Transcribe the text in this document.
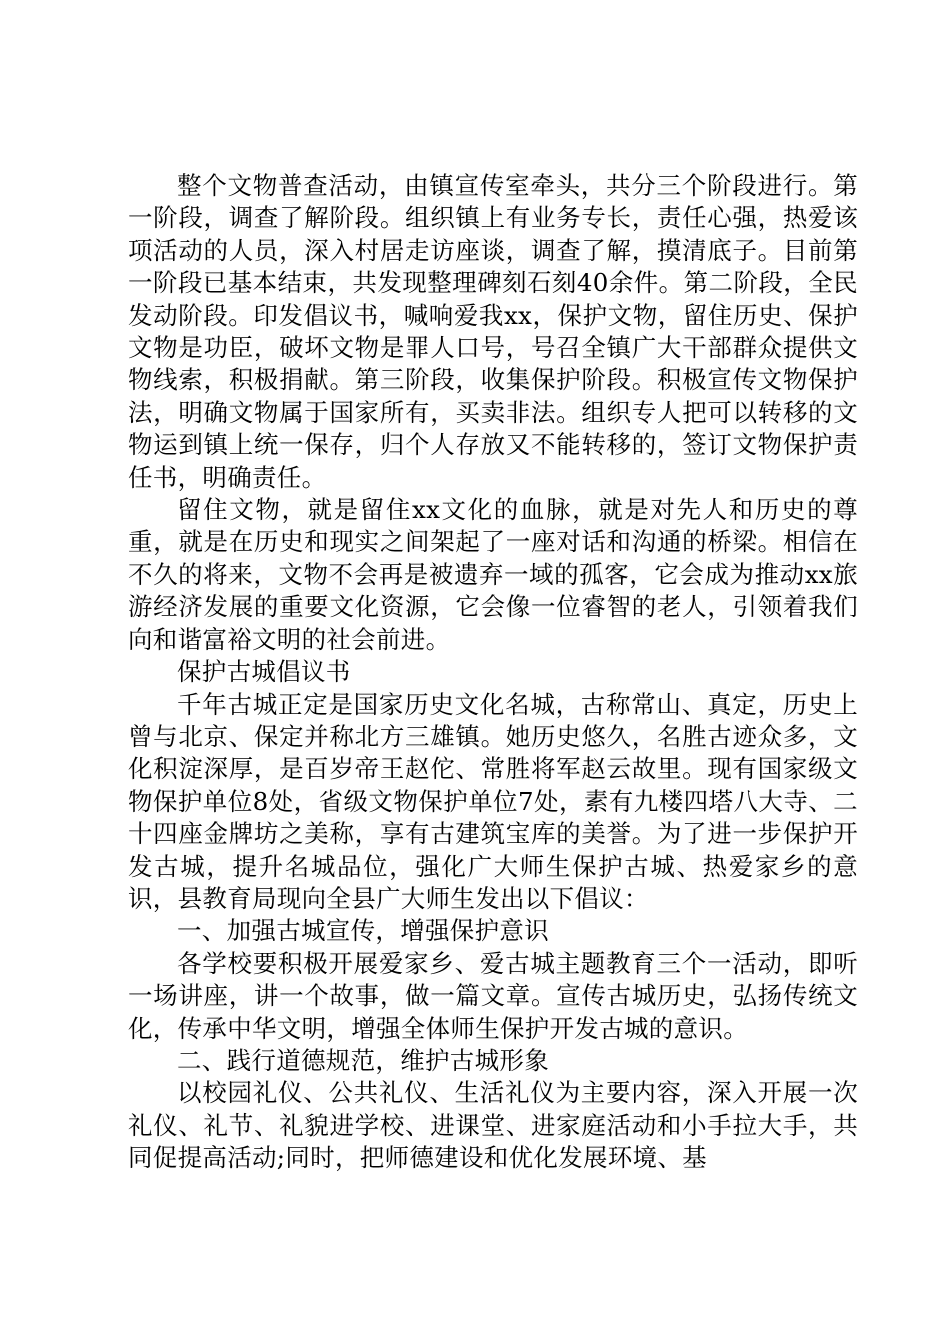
整个文物普查活动，由镇宣传室牵头，共分三个阶段进行。第一阶段，调查了解阶段。组织镇上有业务专长，责任心强，热爱该项活动的人员，深入村居走访座谈，调查了解，摸清底子。目前第一阶段已基本结束，共发现整理碑刻石刻40余件。第二阶段，全民发动阶段。印发倡议书，喊响爱我xx，保护文物，留住历史、保护文物是功臣，破坏文物是罪人口号，号召全镇广大干部群众提供文物线索，积极捐献。第三阶段，收集保护阶段。积极宣传文物保护法，明确文物属于国家所有，买卖非法。组织专人把可以转移的文物运到镇上统一保存，归个人存放又不能转移的，签订文物保护责任书，明确责任。

留住文物，就是留住xx文化的血脉，就是对先人和历史的尊重，就是在历史和现实之间架起了一座对话和沟通的桥梁。相信在不久的将来，文物不会再是被遗弃一域的孤客，它会成为推动xx旅游经济发展的重要文化资源，它会像一位睿智的老人，引领着我们向和谐富裕文明的社会前进。

保护古城倡议书

千年古城正定是国家历史文化名城，古称常山、真定，历史上曾与北京、保定并称北方三雄镇。她历史悠久，名胜古迹众多，文化积淀深厚，是百岁帝王赵佗、常胜将军赵云故里。现有国家级文物保护单位8处，省级文物保护单位7处，素有九楼四塔八大寺、二十四座金牌坊之美称，享有古建筑宝库的美誉。为了进一步保护开发古城，提升名城品位，强化广大师生保护古城、热爱家乡的意识，县教育局现向全县广大师生发出以下倡议：

一、加强古城宣传，增强保护意识

各学校要积极开展爱家乡、爱古城主题教育三个一活动，即听一场讲座，讲一个故事，做一篇文章。宣传古城历史，弘扬传统文化，传承中华文明，增强全体师生保护开发古城的意识。

二、践行道德规范，维护古城形象

以校园礼仪、公共礼仪、生活礼仪为主要内容，深入开展一次礼仪、礼节、礼貌进学校、进课堂、进家庭活动和小手拉大手，共同促提高活动;同时，把师德建设和优化发展环境、基
